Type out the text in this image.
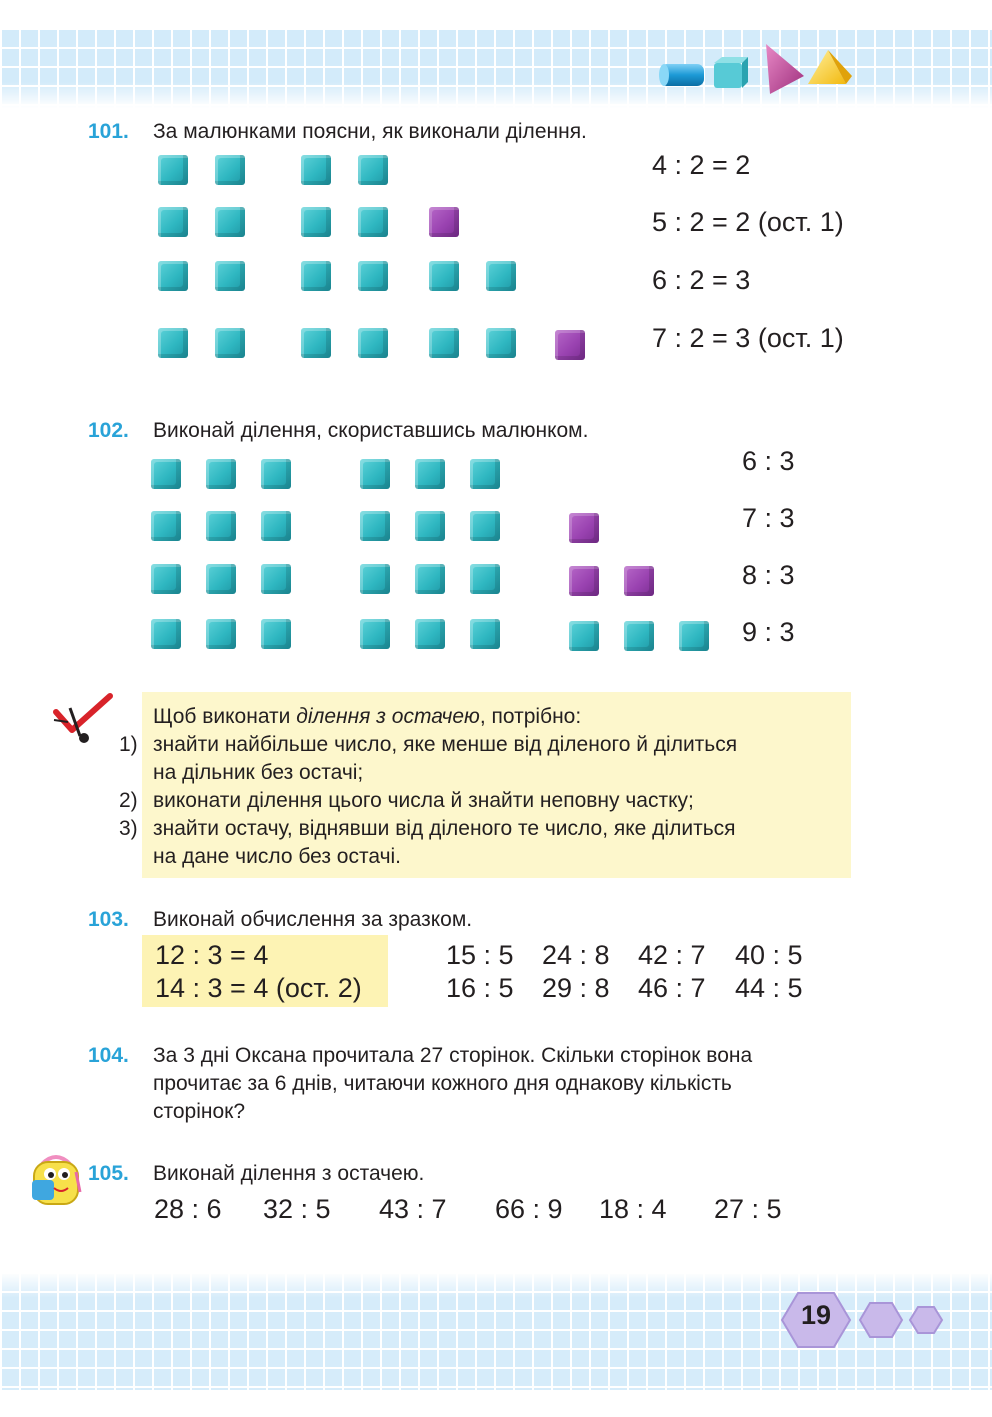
101. За малюнками поясни, як виконали ділення.
4 : 2 = 2
5 : 2 = 2 (ост. 1)
6 : 2 = 3
7 : 2 = 3 (ост. 1)
102. Виконай ділення, скориставшись малюнком.
6 : 3
7 : 3
8 : 3
9 : 3
Щоб виконати ділення з остачею, потрібно:
1) знайти найбільше число, яке менше від діленого й ділиться
на дільник без остачі;
2) виконати ділення цього числа й знайти неповну частку;
3) знайти остачу, віднявши від діленого те число, яке ділиться
на дане число без остачі.
103. Виконай обчислення за зразком.
12 : 3 = 4
14 : 3 = 4 (ост. 2)
15 : 5 24 : 8 42 : 7 40 : 5
16 : 5 29 : 8 46 : 7 44 : 5
104. За 3 дні Оксана прочитала 27 сторінок. Скільки сторінок вона
прочитає за 6 днів, читаючи кожного дня однакову кількість
сторінок?
105. Виконай ділення з остачею.
28 : 6 32 : 5 43 : 7 66 : 9 18 : 4 27 : 5
19
